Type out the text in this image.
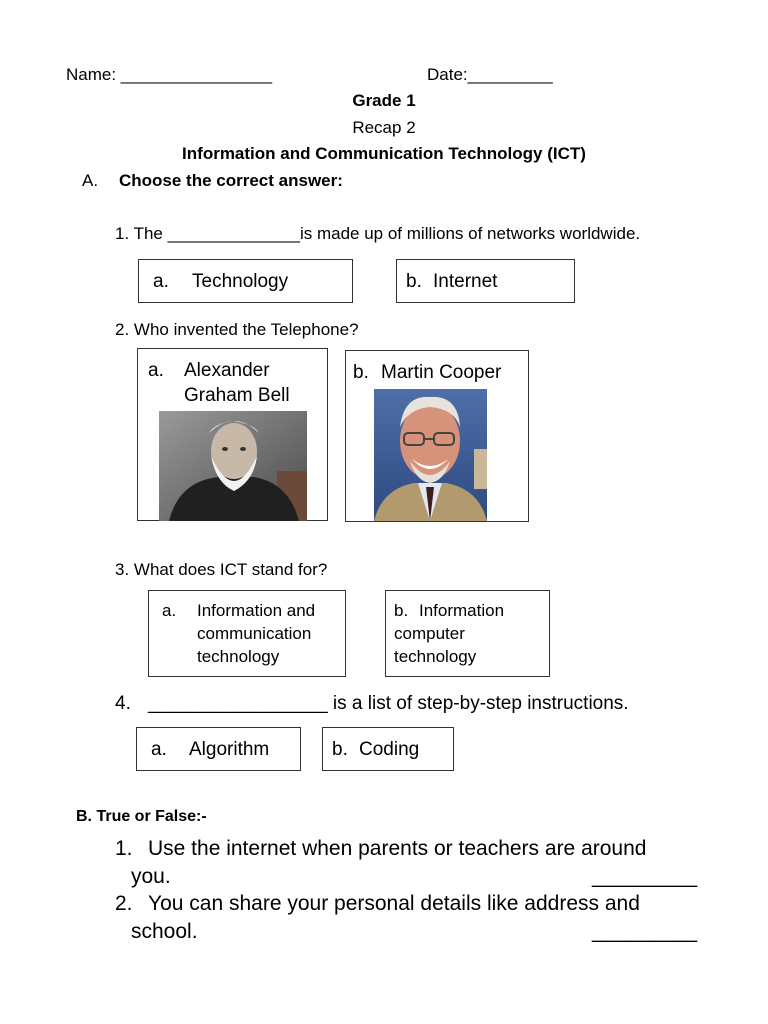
Name: ________________	Date:_________
Grade 1
Recap 2
Information and Communication Technology (ICT)
A. Choose the correct answer:
1. The ______________is made up of millions of networks worldwide.
a. Technology	b. Internet
2. Who invented the Telephone?
a. Alexander
Graham Bell
b. Martin Cooper
3. What does ICT stand for?
a. Information and
communication
technology
b. Information
computer
technology
4. _________________ is a list of step-by-step instructions.
a. Algorithm	b. Coding
B. True or False:-
1. Use the internet when parents or teachers are around
you.	_________
2. You can share your personal details like address and
school.	_________
